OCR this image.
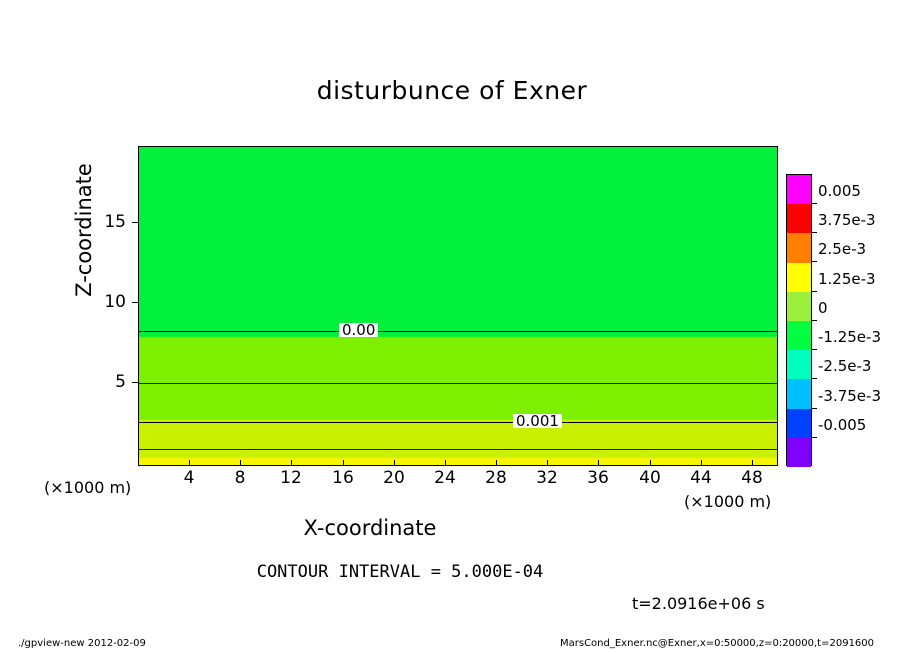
disturbunce of Exner
0.00
0.001
4	8	12	16	20	24	28	32	36	40	44	48
5
10
15
Z-coordinate
X-coordinate
(×1000 m)
(×1000 m)
CONTOUR INTERVAL = 5.000E-04
t=2.0916e+06 s
./gpview-new 2012-02-09	MarsCond_Exner.nc@Exner,x=0:50000,z=0:20000,t=2091600
0.005
3.75e-3
2.5e-3
1.25e-3
0
-1.25e-3
-2.5e-3
-3.75e-3
-0.005
